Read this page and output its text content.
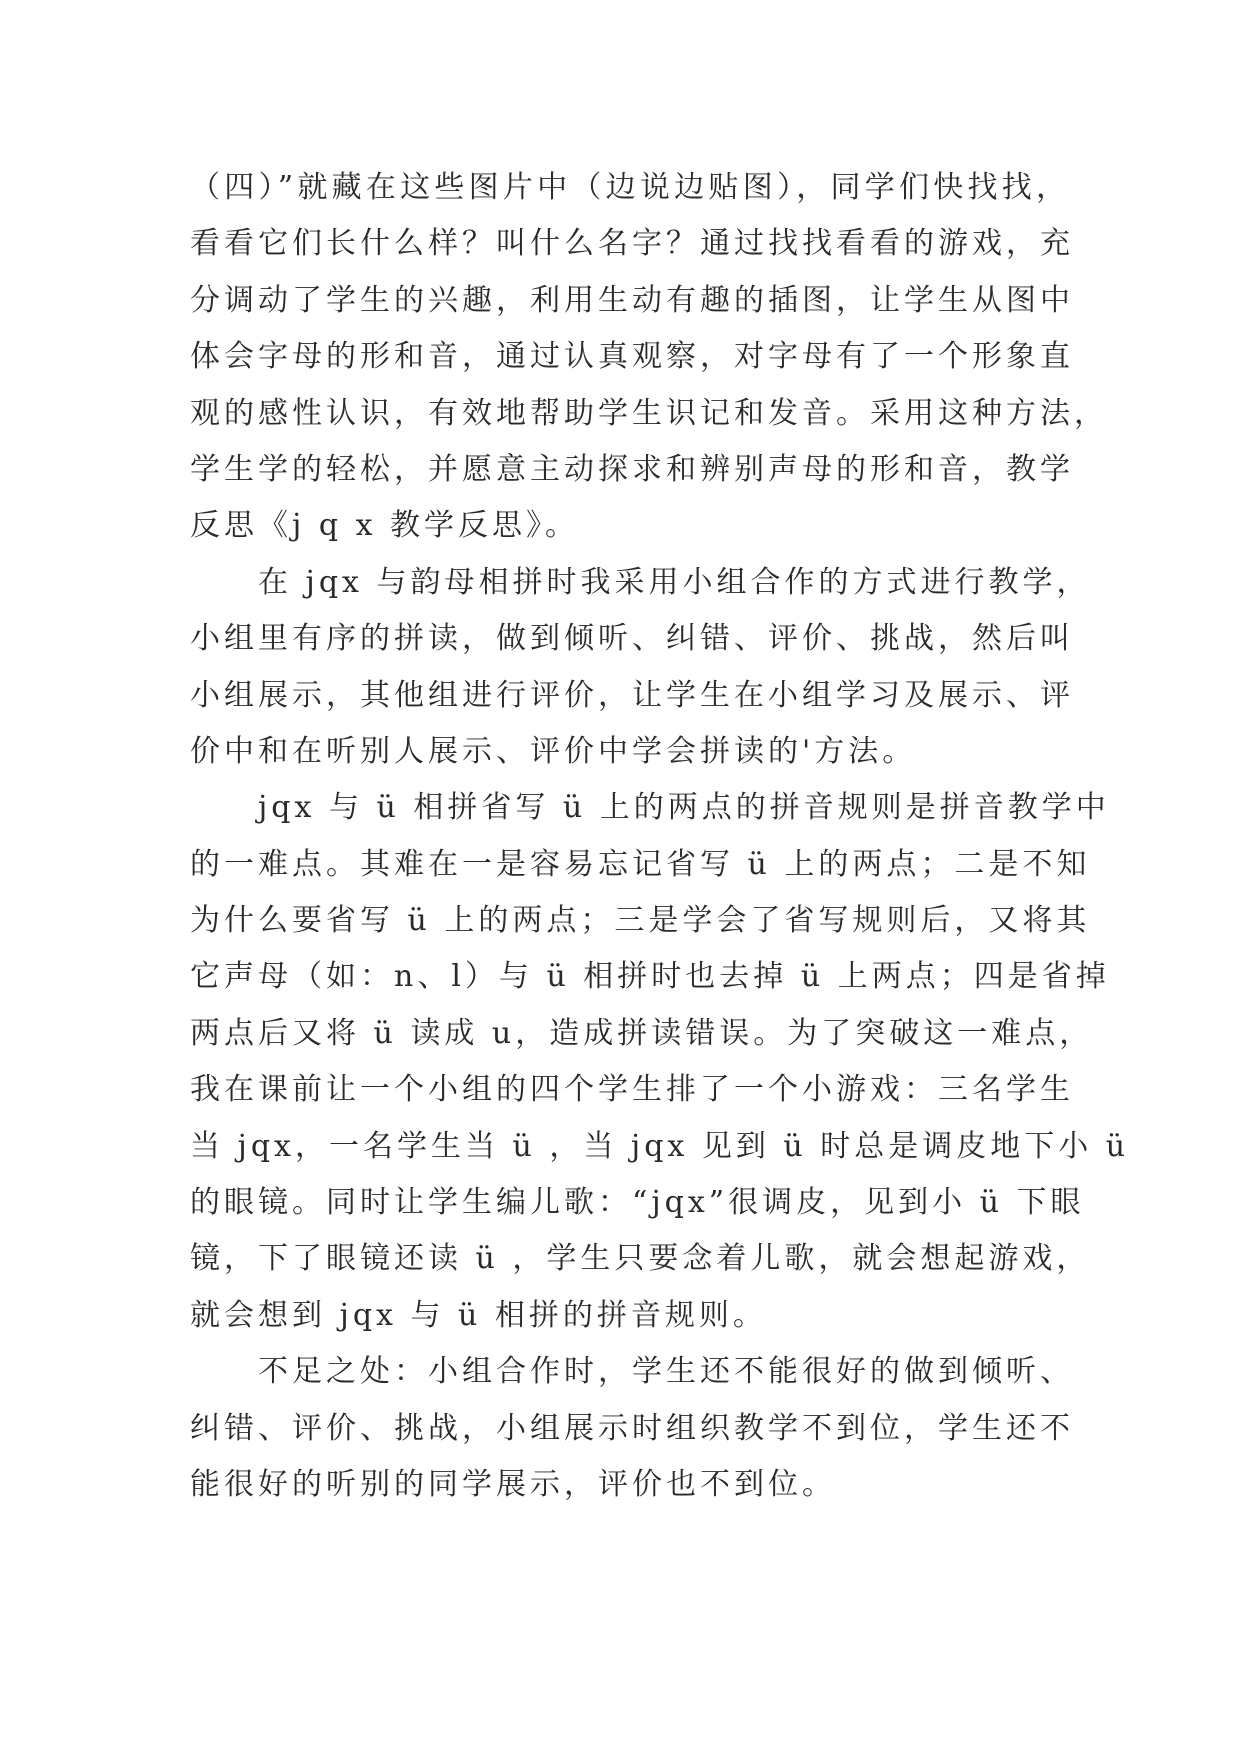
（四）”就藏在这些图片中（边说边贴图），同学们快找找，
看看它们长什么样？叫什么名字？通过找找看看的游戏，充
分调动了学生的兴趣，利用生动有趣的插图，让学生从图中
体会字母的形和音，通过认真观察，对字母有了一个形象直
观的感性认识，有效地帮助学生识记和发音。采用这种方法，
学生学的轻松，并愿意主动探求和辨别声母的形和音，教学
反思《j q x 教学反思》。
在 jqx 与韵母相拼时我采用小组合作的方式进行教学，
小组里有序的拼读，做到倾听、纠错、评价、挑战，然后叫
小组展示，其他组进行评价，让学生在小组学习及展示、评
价中和在听别人展示、评价中学会拼读的'方法。
jqx 与 ü 相拼省写 ü 上的两点的拼音规则是拼音教学中
的一难点。其难在一是容易忘记省写 ü 上的两点；二是不知
为什么要省写 ü 上的两点；三是学会了省写规则后，又将其
它声母（如：n、l）与 ü 相拼时也去掉 ü 上两点；四是省掉
两点后又将 ü 读成 u，造成拼读错误。为了突破这一难点，
我在课前让一个小组的四个学生排了一个小游戏：三名学生
当 jqx，一名学生当 ü ，当 jqx 见到 ü 时总是调皮地下小 ü
的眼镜。同时让学生编儿歌：“jqx”很调皮，见到小 ü 下眼
镜，下了眼镜还读 ü ，学生只要念着儿歌，就会想起游戏，
就会想到 jqx 与 ü 相拼的拼音规则。
不足之处：小组合作时，学生还不能很好的做到倾听、
纠错、评价、挑战，小组展示时组织教学不到位，学生还不
能很好的听别的同学展示，评价也不到位。
